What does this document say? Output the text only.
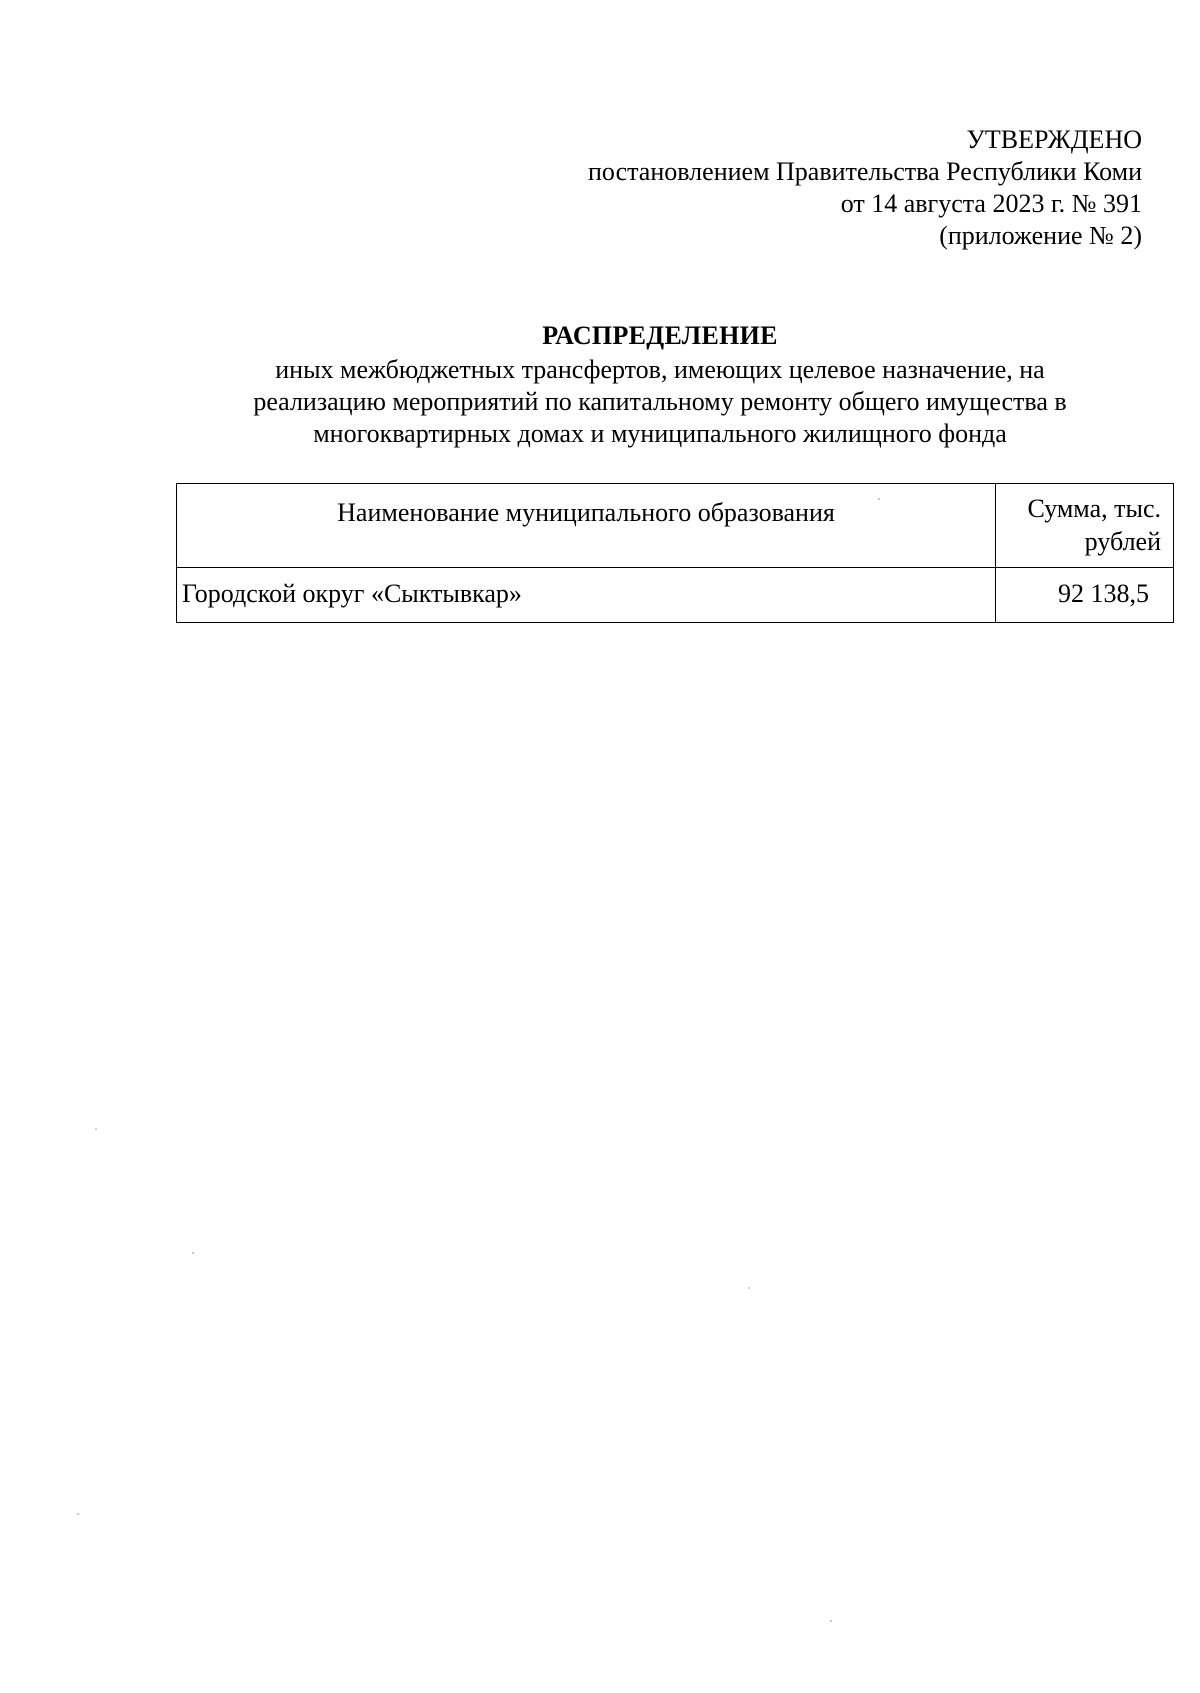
УТВЕРЖДЕНО
постановлением Правительства Республики Коми
от 14 августа 2023 г. № 391
(приложение № 2)
РАСПРЕДЕЛЕНИЕ
иных межбюджетных трансфертов, имеющих целевое назначение, на
реализацию мероприятий по капитальному ремонту общего имущества в
многоквартирных домах и муниципального жилищного фонда
Наименование муниципального образования	Сумма, тыс.
рублей

Городской округ «Сыктывкар»	92 138,5
